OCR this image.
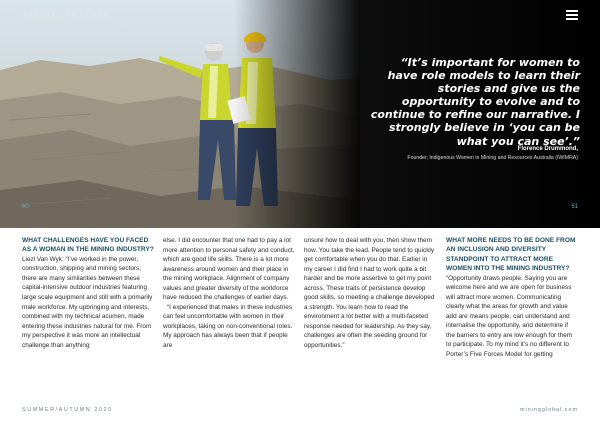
SPECIAL FEATURE
“It’s important for women to have role models to learn their stories and give us the opportunity to evolve and to continue to refine our narrative. I strongly believe in ‘you can be what you can see’.”
Florence Drummond,
Founder, Indigenous Women in Mining and Resources Australia (IWIMRA)
60	61
WHAT CHALLENGES HAVE YOU FACED AS A WOMAN IN THE MINING INDUSTRY?

Liezl Van Wyk: “I’ve worked in the power, construction, shipping and mining sectors; there are many similarities between these capital-intensive outdoor industries featuring large scale equipment and still with a primarily male workforce. My upbringing and interests, combined with my technical acumen, made entering these industries natural for me. From my perspective it was more an intellectual challenge than anything

else. I did encounter that one had to pay a lot more attention to personal safety and conduct, which are good life skills. There is a lot more awareness around women and their place in the mining workplace. Alignment of company values and greater diversity of the workforce have reduced the challenges of earlier days.

“I experienced that males in these industries can feel uncomfortable with women in their workplaces, taking on non-conventional roles. My approach has always been that if people are

unsure how to deal with you, then show them how. You take the lead. People tend to quickly get comfortable when you do that. Earlier in my career I did find I had to work quite a bit harder and be more assertive to get my point across. These traits of persistence develop good skills, so meeting a challenge developed a strength. You learn how to read the environment a lot better with a multi-faceted response needed for leadership. As they say, challenges are often the seeding ground for opportunities.”

WHAT MORE NEEDS TO BE DONE FROM AN INCLUSION AND DIVERSITY STANDPOINT TO ATTRACT MORE WOMEN INTO THE MINING INDUSTRY?

“Opportunity draws people. Saying you are welcome here and we are open for business will attract more women. Communicating clearly what the areas for growth and value add are means people, can understand and internalise the opportunity, and determine if the barriers to entry are low enough for them to participate. To my mind it’s no different to Porter’s Five Forces Model for getting

SUMMER/AUTUMN 2020	miningglobal.com
